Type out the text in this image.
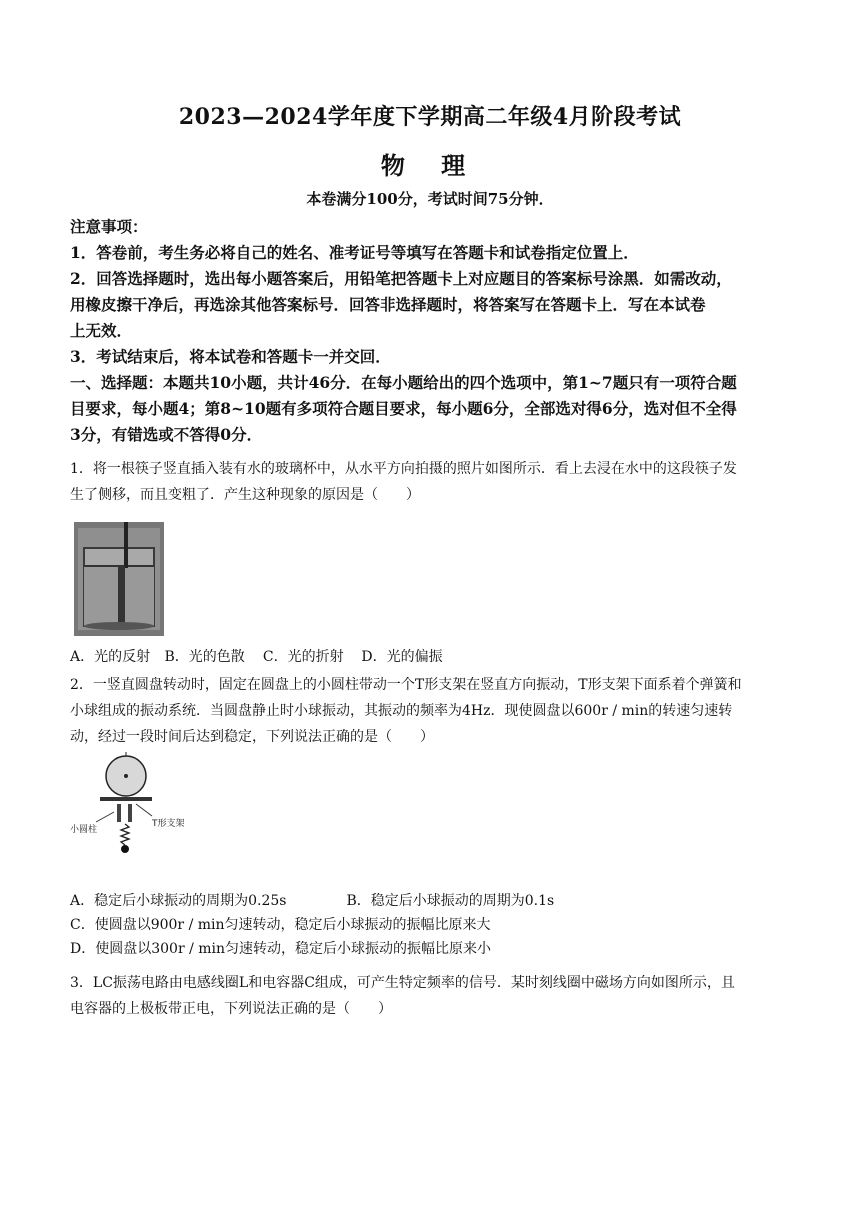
2023—2024学年度下学期高二年级4月阶段考试
物 理
本卷满分100分，考试时间75分钟．

注意事项：

1．答卷前，考生务必将自己的姓名、准考证号等填写在答题卡和试卷指定位置上．

2．回答选择题时，选出每小题答案后，用铅笔把答题卡上对应题目的答案标号涂黑．如需改动，

用橡皮擦干净后，再选涂其他答案标号．回答非选择题时，将答案写在答题卡上．写在本试卷

上无效．

3．考试结束后，将本试卷和答题卡一并交回．

一、选择题：本题共10小题，共计46分．在每小题给出的四个选项中，第1~7题只有一项符合题

目要求，每小题4；第8~10题有多项符合题目要求，每小题6分，全部选对得6分，选对但不全得

3分，有错选或不答得0分．

1．将一根筷子竖直插入装有水的玻璃杯中，从水平方向拍摄的照片如图所示．看上去浸在水中的这段筷子发

生了侧移，而且变粗了．产生这种现象的原因是（　　）

A．光的反射 B．光的色散 C．光的折射 D．光的偏振

2．一竖直圆盘转动时，固定在圆盘上的小圆柱带动一个T形支架在竖直方向振动，T形支架下面系着个弹簧和

小球组成的振动系统．当圆盘静止时小球振动，其振动的频率为4Hz．现使圆盘以600r / min的转速匀速转

动，经过一段时间后达到稳定，下列说法正确的是（　　）

小圆柱
T形支架
A．稳定后小球振动的周期为0.25s	B．稳定后小球振动的周期为0.1s
C．使圆盘以900r / min匀速转动，稳定后小球振动的振幅比原来大
D．使圆盘以300r / min匀速转动，稳定后小球振动的振幅比原来小

3．LC振荡电路由电感线圈L和电容器C组成，可产生特定频率的信号．某时刻线圈中磁场方向如图所示，且

电容器的上极板带正电，下列说法正确的是（　　）
